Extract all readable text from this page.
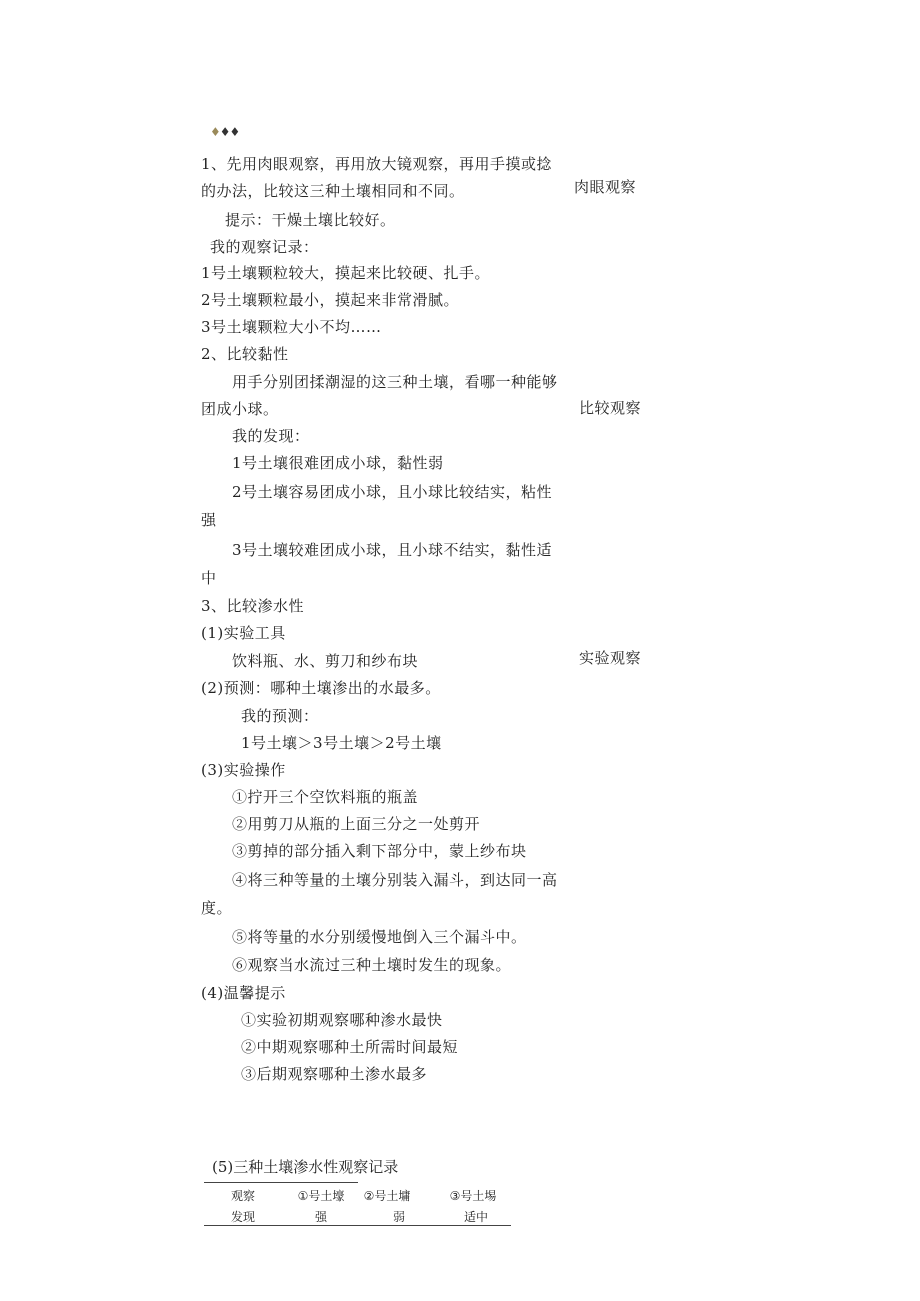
♦♦♦
1、先用肉眼观察，再用放大镜观察，再用手摸或捻
的办法，比较这三种土壤相同和不同。
提示：干燥土壤比较好。
我的观察记录：
1号土壤颗粒较大，摸起来比较硬、扎手。
2号土壤颗粒最小，摸起来非常滑腻。
3号土壤颗粒大小不均……
2、比较黏性
用手分别团揉潮湿的这三种土壤，看哪一种能够
团成小球。
我的发现：
1号土壤很难团成小球，黏性弱
2号土壤容易团成小球，且小球比较结实，粘性
强
3号土壤较难团成小球，且小球不结实，黏性适
中
3、比较渗水性
(1)实验工具
饮料瓶、水、剪刀和纱布块
(2)预测：哪种土壤渗出的水最多。
我的预测：
1号土壤＞3号土壤＞2号土壤
(3)实验操作
①拧开三个空饮料瓶的瓶盖
②用剪刀从瓶的上面三分之一处剪开
③剪掉的部分插入剩下部分中，蒙上纱布块
④将三种等量的土壤分别装入漏斗，到达同一高
度。
⑤将等量的水分别缓慢地倒入三个漏斗中。
⑥观察当水流过三种土壤时发生的现象。
(4)温馨提示
①实验初期观察哪种渗水最快
②中期观察哪种土所需时间最短
③后期观察哪种土渗水最多
肉眼观察
比较观察
实验观察
(5)三种土壤渗水性观察记录
观察	①号土壕	②号土墉	③号土埸
发现	强	弱	适中
